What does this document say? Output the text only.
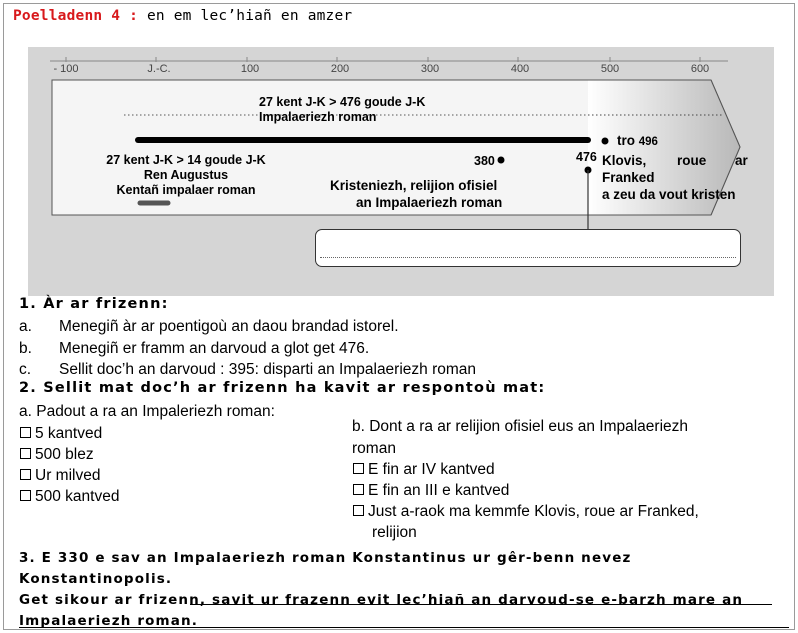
Poelladenn 4 : en em lec’hiañ en amzer
- 100	J.-C.	100	200	300	400	500	600
27 kent J-K > 476 goude J-K
Impalaeriezh roman
27 kent J-K > 14 goude J-K
Ren Augustus
Kentañ impalaer roman
380
Kristeniezh, relijion ofisiel
an Impalaeriezh roman
476
tro 496
Klovis, roue ar
Franked
a zeu da vout kristen
1. Àr ar frizenn:
a. Menegiñ àr ar poentigoù an daou brandad istorel.
b. Menegiñ er framm an darvoud a glot get 476.
c. Sellit doc’h an darvoud : 395: disparti an Impalaeriezh roman
2. Sellit mat doc’h ar frizenn ha kavit ar respontoù mat:
a. Padout a ra an Impaleriezh roman:
5 kantved
500 blez
Ur milved
500 kantved
b. Dont a ra ar relijion ofisiel eus an Impalaeriezh
roman
E fin ar IV kantved
E fin an III e kantved
Just a-raok ma kemmfe Klovis, roue ar Franked,
relijion
3. E 330 e sav an Impalaeriezh roman Konstantinus ur gêr-benn nevez Konstantinopolis.
Get sikour ar frizenn, savit ur frazenn evit lec’hiañ an darvoud-se e-barzh mare an
Impalaeriezh roman.
